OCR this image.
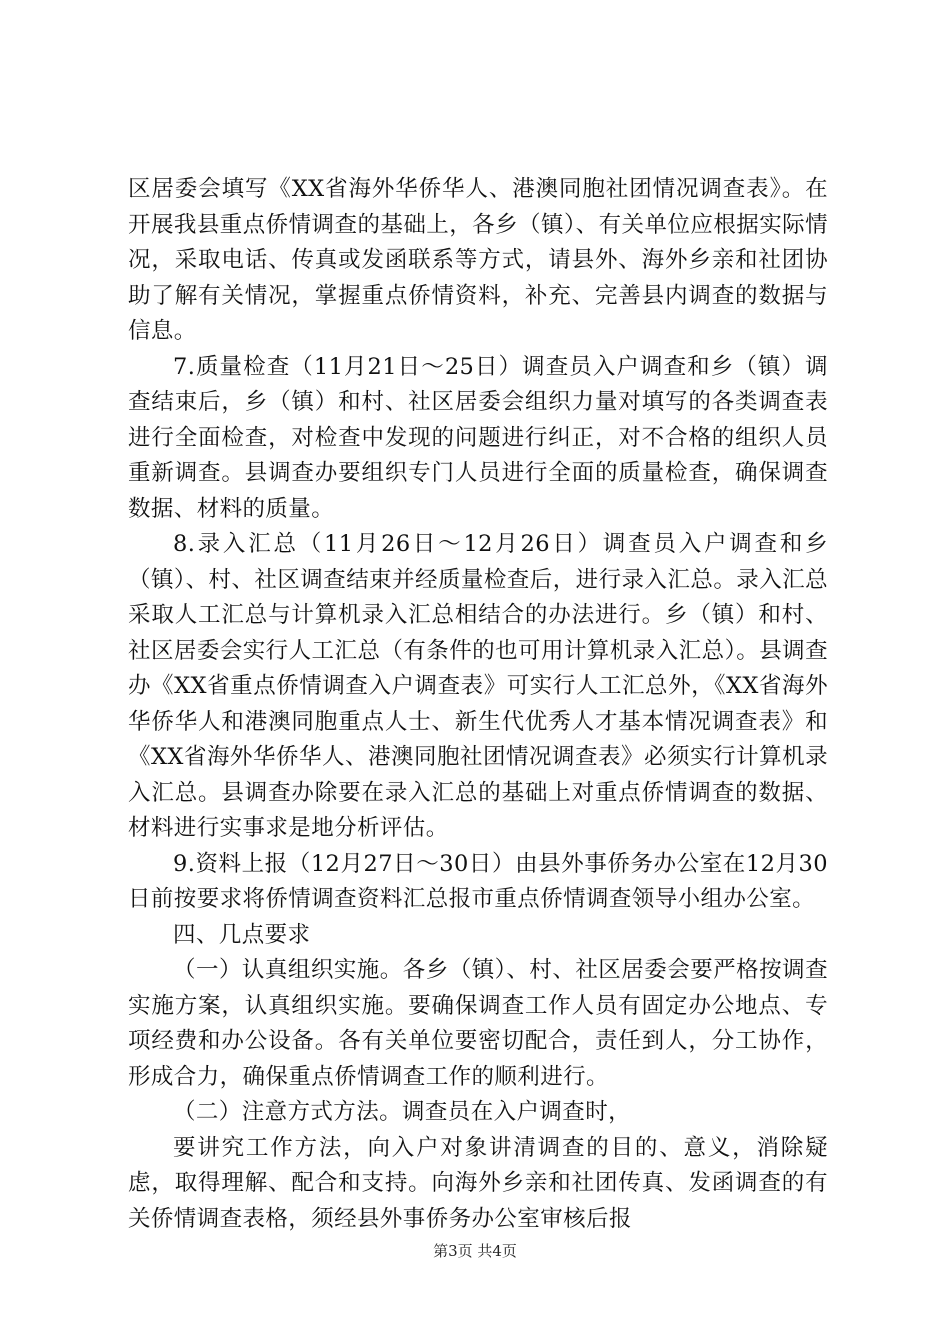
区居委会填写《XX省海外华侨华人、港澳同胞社团情况调查表》。在开展我县重点侨情调查的基础上，各乡（镇）、有关单位应根据实际情况，采取电话、传真或发函联系等方式，请县外、海外乡亲和社团协助了解有关情况，掌握重点侨情资料，补充、完善县内调查的数据与信息。

7.质量检查（11月21日～25日）调查员入户调查和乡（镇）调查结束后，乡（镇）和村、社区居委会组织力量对填写的各类调查表进行全面检查，对检查中发现的问题进行纠正，对不合格的组织人员重新调查。县调查办要组织专门人员进行全面的质量检查，确保调查数据、材料的质量。

8.录入汇总（11月26日～12月26日）调查员入户调查和乡（镇）、村、社区调查结束并经质量检查后，进行录入汇总。录入汇总采取人工汇总与计算机录入汇总相结合的办法进行。乡（镇）和村、社区居委会实行人工汇总（有条件的也可用计算机录入汇总）。县调查办《XX省重点侨情调查入户调查表》可实行人工汇总外，《XX省海外华侨华人和港澳同胞重点人士、新生代优秀人才基本情况调查表》和《XX省海外华侨华人、港澳同胞社团情况调查表》必须实行计算机录入汇总。县调查办除要在录入汇总的基础上对重点侨情调查的数据、材料进行实事求是地分析评估。

9.资料上报（12月27日～30日）由县外事侨务办公室在12月30日前按要求将侨情调查资料汇总报市重点侨情调查领导小组办公室。

四、几点要求

（一）认真组织实施。各乡（镇）、村、社区居委会要严格按调查实施方案，认真组织实施。要确保调查工作人员有固定办公地点、专项经费和办公设备。各有关单位要密切配合，责任到人，分工协作，形成合力，确保重点侨情调查工作的顺利进行。

（二）注意方式方法。调查员在入户调查时，

要讲究工作方法，向入户对象讲清调查的目的、意义，消除疑虑，取得理解、配合和支持。向海外乡亲和社团传真、发函调查的有关侨情调查表格，须经县外事侨务办公室审核后报

第3页 共4页
